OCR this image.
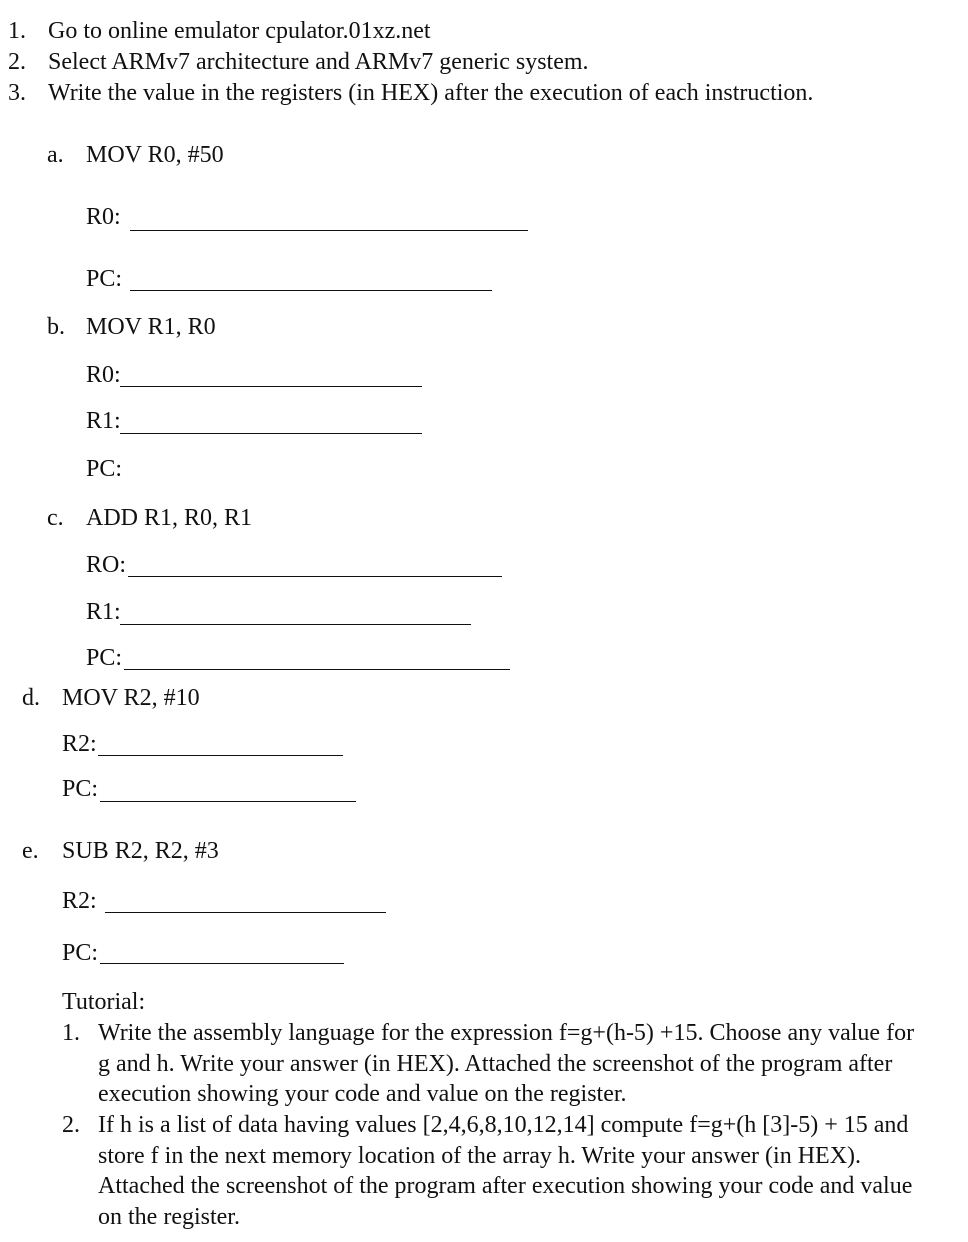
1. Go to online emulator cpulator.01xz.net

2. Select ARMv7 architecture and ARMv7 generic system.

3. Write the value in the registers (in HEX) after the execution of each instruction.

a. MOV R0, #50

R0:
PC:
b. MOV R1, R0

R0:
R1:
PC:
c. ADD R1, R0, R1

RO:
R1:
PC:
d. MOV R2, #10

R2:
PC:
e. SUB R2, R2, #3

R2:
PC:

Tutorial:

1. Write the assembly language for the expression f=g+(h-5) +15. Choose any value for g and h. Write your answer (in HEX). Attached the screenshot of the program after execution showing your code and value on the register.

2. If h is a list of data having values [2,4,6,8,10,12,14] compute f=g+(h [3]-5) + 15 and store f in the next memory location of the array h. Write your answer (in HEX). Attached the screenshot of the program after execution showing your code and value on the register.
